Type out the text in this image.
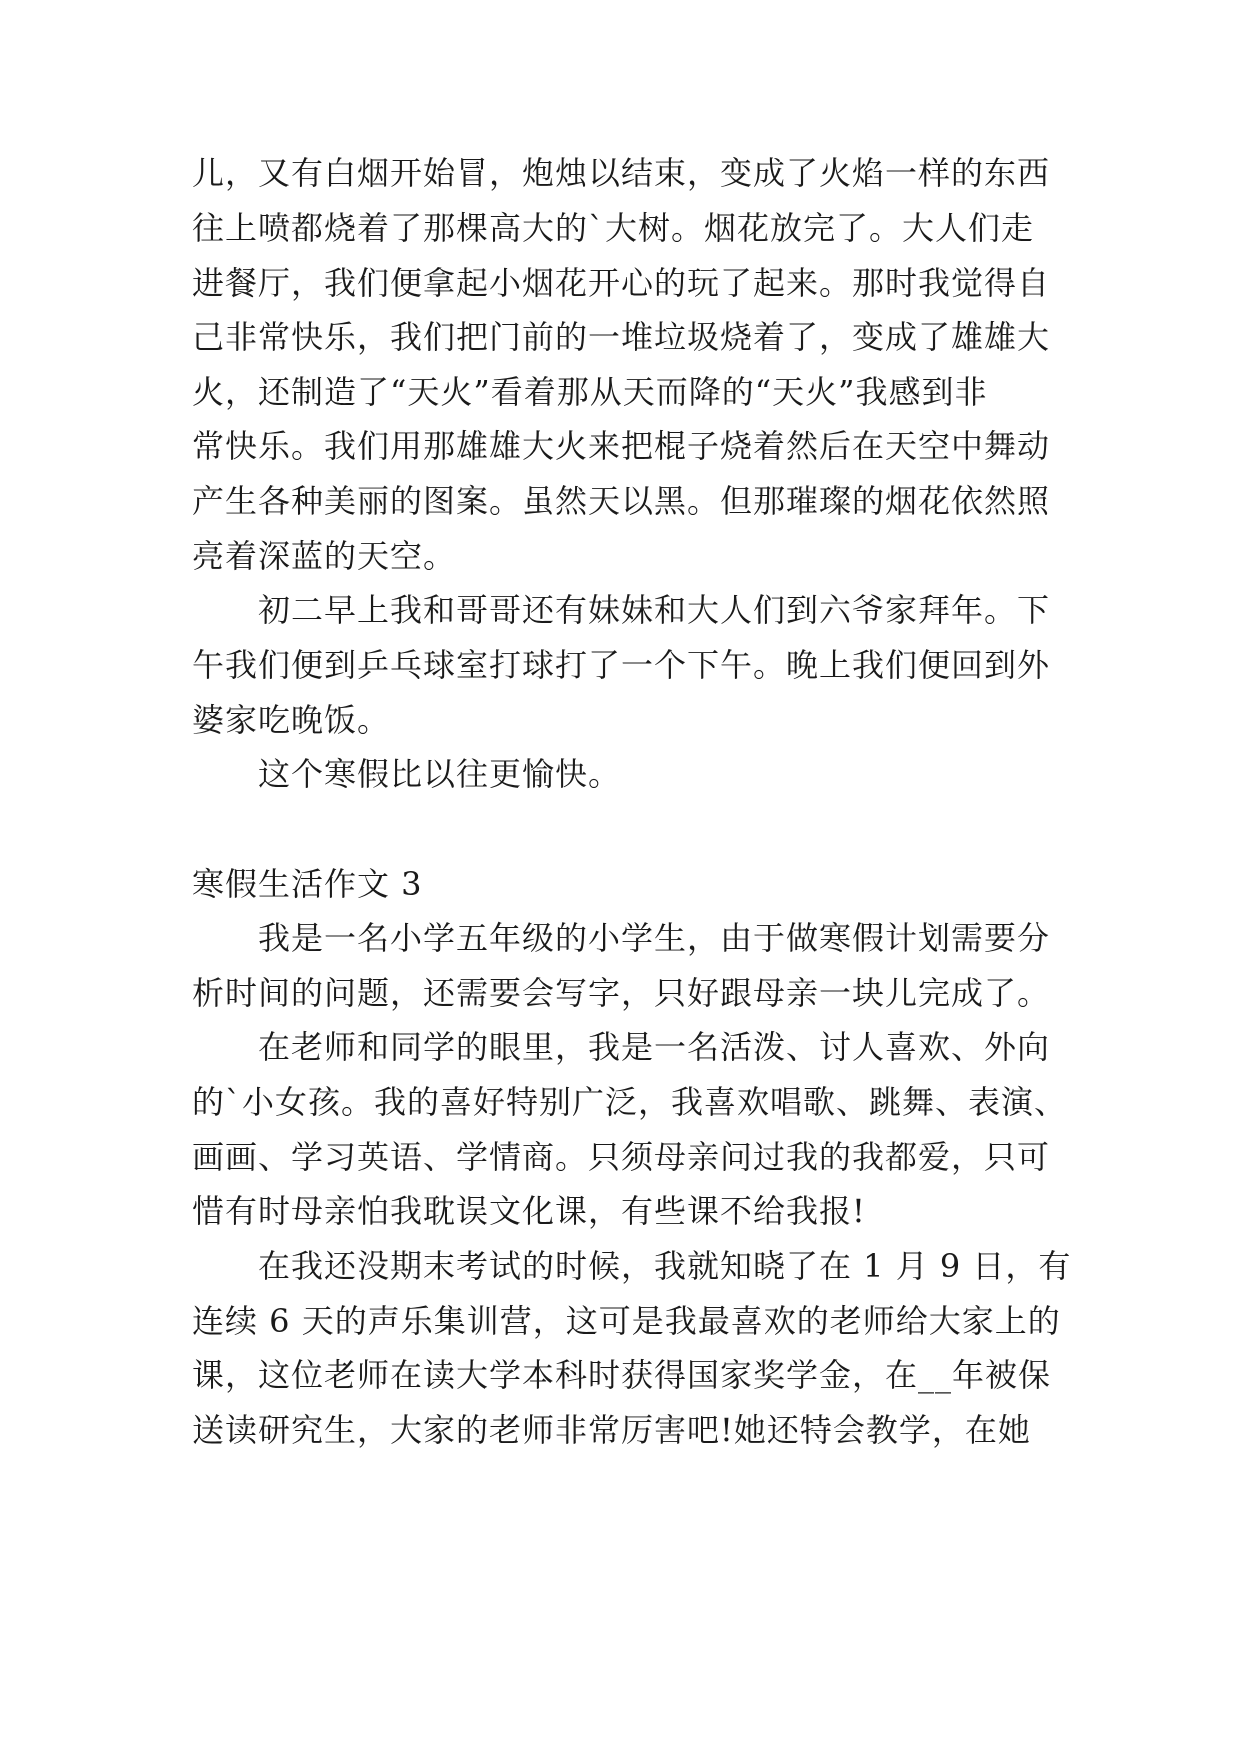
儿，又有白烟开始冒，炮烛以结束，变成了火焰一样的东西
往上喷都烧着了那棵高大的`大树。烟花放完了。大人们走
进餐厅，我们便拿起小烟花开心的玩了起来。那时我觉得自
己非常快乐，我们把门前的一堆垃圾烧着了，变成了雄雄大
火，还制造了“天火”看着那从天而降的“天火”我感到非
常快乐。我们用那雄雄大火来把棍子烧着然后在天空中舞动
产生各种美丽的图案。虽然天以黑。但那璀璨的烟花依然照
亮着深蓝的天空。
初二早上我和哥哥还有妹妹和大人们到六爷家拜年。下
午我们便到乒乓球室打球打了一个下午。晚上我们便回到外
婆家吃晚饭。
这个寒假比以往更愉快。
寒假生活作文 3
我是一名小学五年级的小学生，由于做寒假计划需要分
析时间的问题，还需要会写字，只好跟母亲一块儿完成了。
在老师和同学的眼里，我是一名活泼、讨人喜欢、外向
的`小女孩。我的喜好特别广泛，我喜欢唱歌、跳舞、表演、
画画、学习英语、学情商。只须母亲问过我的我都爱，只可
惜有时母亲怕我耽误文化课，有些课不给我报!
在我还没期末考试的时候，我就知晓了在 1 月 9 日，有
连续 6 天的声乐集训营，这可是我最喜欢的老师给大家上的
课，这位老师在读大学本科时获得国家奖学金，在__年被保
送读研究生，大家的老师非常厉害吧!她还特会教学，在她
